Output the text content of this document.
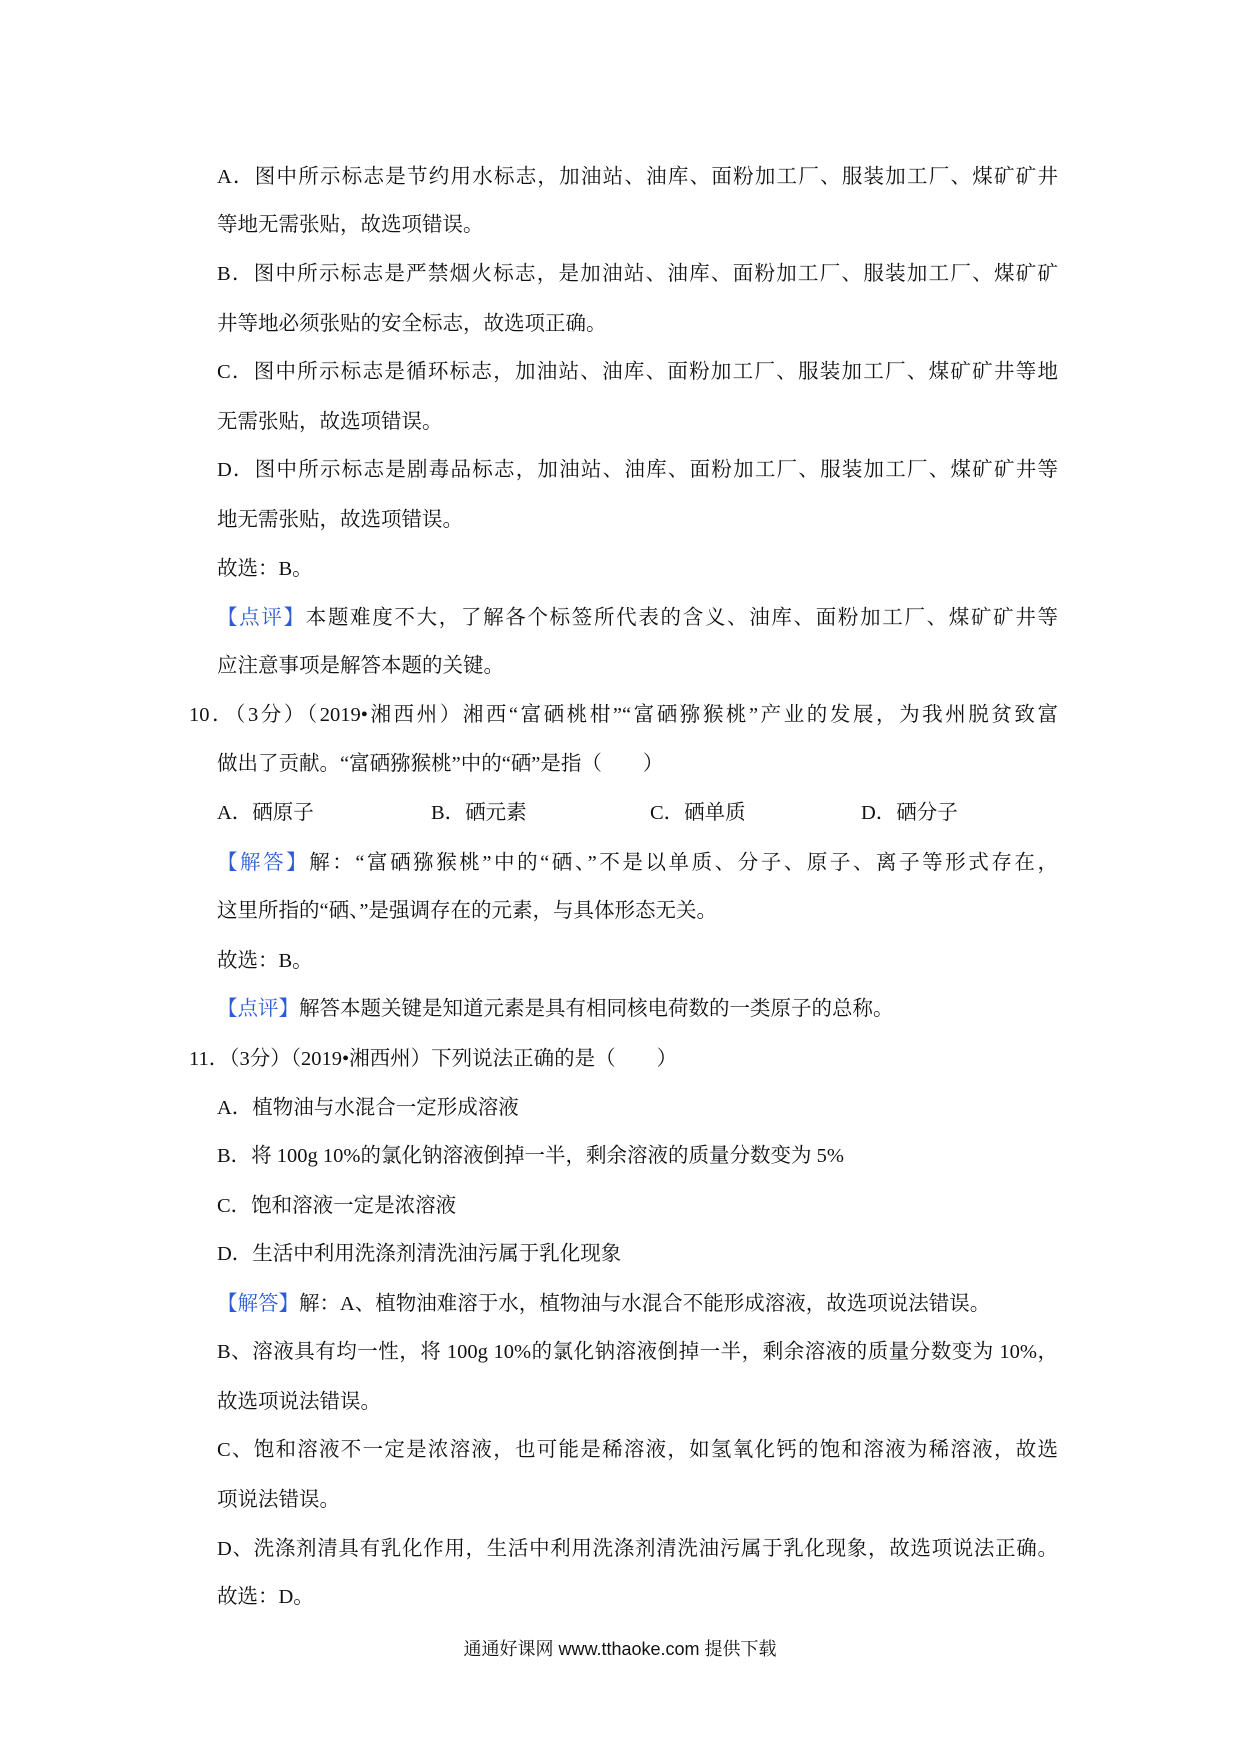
A．图中所示标志是节约用水标志，加油站、油库、面粉加工厂、服装加工厂、煤矿矿井
等地无需张贴，故选项错误。
B．图中所示标志是严禁烟火标志，是加油站、油库、面粉加工厂、服装加工厂、煤矿矿
井等地必须张贴的安全标志，故选项正确。
C．图中所示标志是循环标志，加油站、油库、面粉加工厂、服装加工厂、煤矿矿井等地
无需张贴，故选项错误。
D．图中所示标志是剧毒品标志，加油站、油库、面粉加工厂、服装加工厂、煤矿矿井等
地无需张贴，故选项错误。
故选：B。
【点评】本题难度不大，了解各个标签所代表的含义、油库、面粉加工厂、煤矿矿井等
应注意事项是解答本题的关键。
10．（3分）（2019•湘西州）湘西“富硒桃柑”“富硒猕猴桃”产业的发展，为我州脱贫致富
做出了贡献。“富硒猕猴桃”中的“硒”是指（　　）
A．硒原子	B．硒元素	C．硒单质	D．硒分子
【解答】解：“富硒猕猴桃”中的“硒、”不是以单质、分子、原子、离子等形式存在，
这里所指的“硒、”是强调存在的元素，与具体形态无关。
故选：B。
【点评】解答本题关键是知道元素是具有相同核电荷数的一类原子的总称。
11．（3分）（2019•湘西州）下列说法正确的是（　　）
A．植物油与水混合一定形成溶液
B．将 100g 10%的氯化钠溶液倒掉一半，剩余溶液的质量分数变为 5%
C．饱和溶液一定是浓溶液
D．生活中利用洗涤剂清洗油污属于乳化现象
【解答】解：A、植物油难溶于水，植物油与水混合不能形成溶液，故选项说法错误。
B、溶液具有均一性，将 100g 10%的氯化钠溶液倒掉一半，剩余溶液的质量分数变为 10%，
故选项说法错误。
C、饱和溶液不一定是浓溶液，也可能是稀溶液，如氢氧化钙的饱和溶液为稀溶液，故选
项说法错误。
D、洗涤剂清具有乳化作用，生活中利用洗涤剂清洗油污属于乳化现象，故选项说法正确。
故选：D。
通通好课网 www.tthaoke.com 提供下载
